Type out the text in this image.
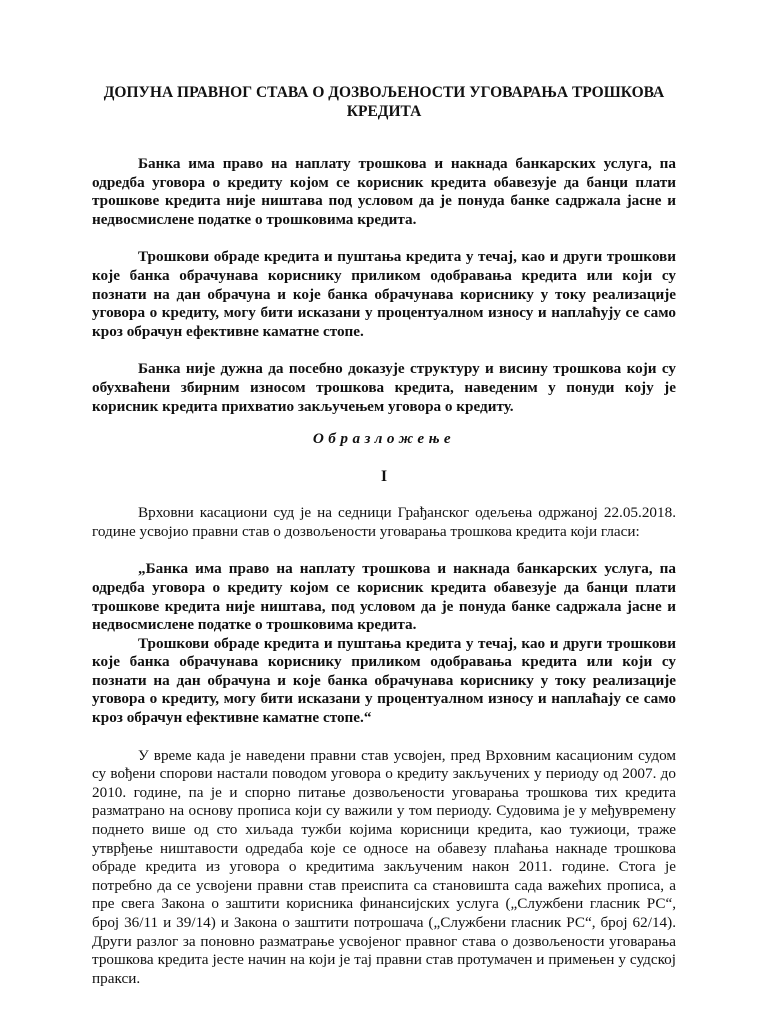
ДОПУНА ПРАВНОГ СТАВА О ДОЗВОЉЕНОСТИ УГОВАРАЊА ТРОШКОВА КРЕДИТА

Банка има право на наплату трошкова и накнада банкарских услуга, па одредба уговора о кредиту којом се корисник кредита обавезује да банци плати трошкове кредита није ништава под условом да је понуда банке садржала јасне и недвосмислене податке о трошковима кредита.

Трошкови обраде кредита и пуштања кредита у течај, као и други трошкови које банка обрачунава кориснику приликом одобравања кредита или који су познати на дан обрачуна и које банка обрачунава кориснику у току реализације уговора о кредиту, могу бити исказани у процентуалном износу и наплаћују се само кроз обрачун ефективне каматне стопе.

Банка није дужна да посебно доказује структуру и висину трошкова који су обухваћени збирним износом трошкова кредита, наведеним у понуди коју је корисник кредита прихватио закључењем уговора о кредиту.

Образложење
I

Врховни касациони суд је на седници Грађанског одељења одржаној 22.05.2018. године усвојио правни став о дозвољености уговарања трошкова кредита који гласи:

„Банка има право на наплату трошкова и накнада банкарских услуга, па одредба уговора о кредиту којом се корисник кредита обавезује да банци плати трошкове кредита није ништава, под условом да је понуда банке садржала јасне и недвосмислене податке о трошковима кредита.

Трошкови обраде кредита и пуштања кредита у течај, као и други трошкови које банка обрачунава кориснику приликом одобравања кредита или који су познати на дан обрачуна и које банка обрачунава кориснику у току реализације уговора о кредиту, могу бити исказани у процентуалном износу и наплаћају се само кроз обрачун ефективне каматне стопе.“

У време када је наведени правни став усвојен, пред Врховним касационим судом су вођени спорови настали поводом уговора о кредиту закључених у периоду од 2007. до 2010. године, па је и спорно питање дозвољености уговарања трошкова тих кредита разматрано на основу прописа који су важили у том периоду. Судовима је у међувремену поднето више од сто хиљада тужби којима корисници кредита, као тужиоци, траже утврђење ништавости одредаба које се односе на обавезу плаћања накнаде трошкова обраде кредита из уговора о кредитима закљученим након 2011. године. Стога је потребно да се усвојени правни став преиспита са становишта сада важећих прописа, а пре свега Закона о заштити корисника финансијских услуга („Службени гласник РС“, број 36/11 и 39/14) и Закона о заштити потрошача („Службени гласник РС“, број 62/14). Други разлог за поновно разматрање усвојеног правног става о дозвољености уговарања трошкова кредита јесте начин на који је тај правни став протумачен и примењен у судској пракси.
